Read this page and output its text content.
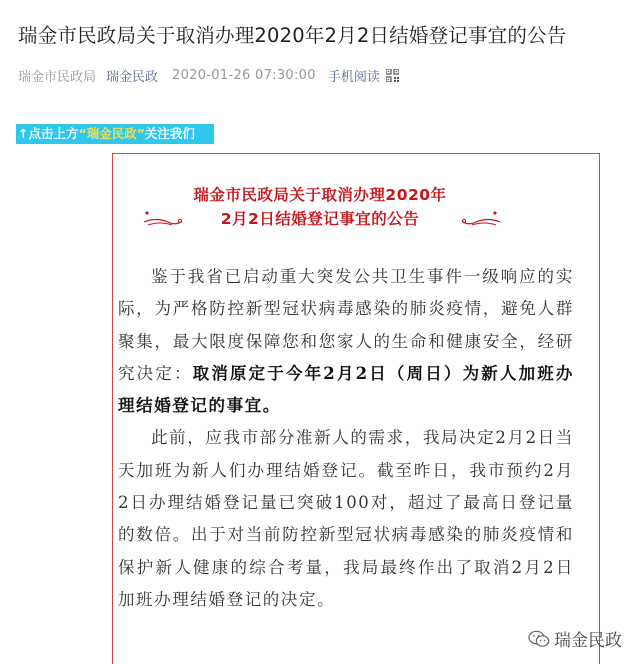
瑞金市民政局关于取消办理2020年2月2日结婚登记事宜的公告
瑞金市民政局 瑞金民政 2020-01-26 07:30:00 手机阅读
↑点击上方“瑞金民政”关注我们
瑞金市民政局关于取消办理2020年
2月2日结婚登记事宜的公告

鉴于我省已启动重大突发公共卫生事件一级响应的实际，为严格防控新型冠状病毒感染的肺炎疫情，避免人群聚集，最大限度保障您和您家人的生命和健康安全，经研究决定：取消原定于今年2月2日（周日）为新人加班办理结婚登记的事宜。

此前，应我市部分准新人的需求，我局决定2月2日当天加班为新人们办理结婚登记。截至昨日，我市预约2月2日办理结婚登记量已突破100对，超过了最高日登记量的数倍。出于对当前防控新型冠状病毒感染的肺炎疫情和保护新人健康的综合考量，我局最终作出了取消2月2日加班办理结婚登记的决定。

瑞金民政
